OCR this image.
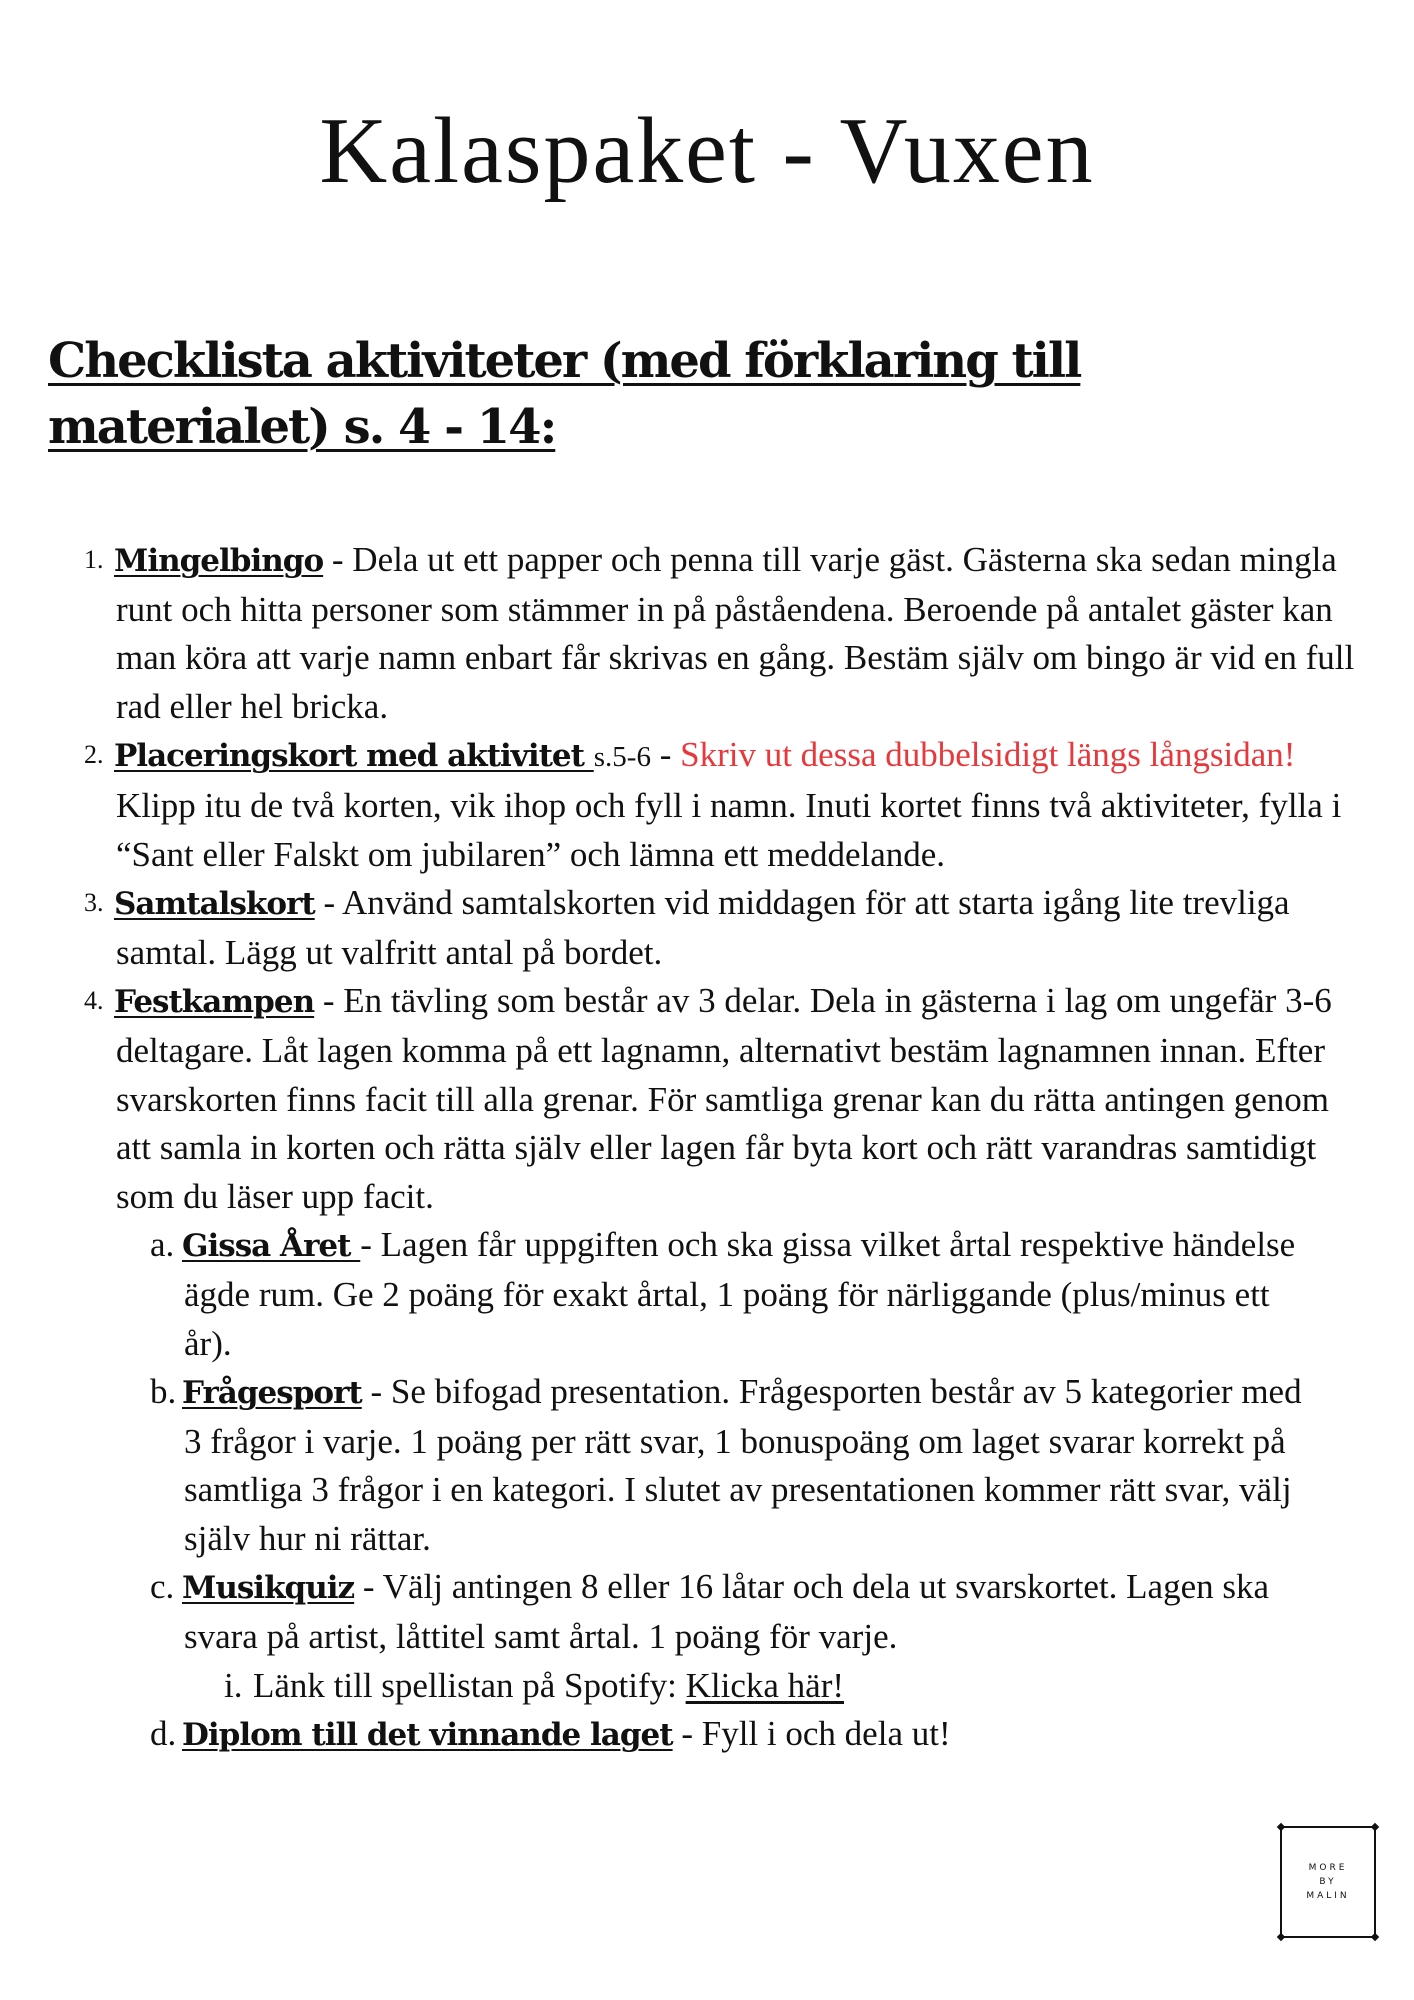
Kalaspaket - Vuxen
Checklista aktiviteter (med förklaring till materialet) s. 4 - 14:
1. Mingelbingo - Dela ut ett papper och penna till varje gäst. Gästerna ska sedan mingla runt och hitta personer som stämmer in på påståendena. Beroende på antalet gäster kan man köra att varje namn enbart får skrivas en gång. Bestäm själv om bingo är vid en full rad eller hel bricka.
2. Placeringskort med aktivitet s.5-6 - Skriv ut dessa dubbelsidigt längs långsidan! Klipp itu de två korten, vik ihop och fyll i namn. Inuti kortet finns två aktiviteter, fylla i “Sant eller Falskt om jubilaren” och lämna ett meddelande.
3. Samtalskort - Använd samtalskorten vid middagen för att starta igång lite trevliga samtal. Lägg ut valfritt antal på bordet.
4. Festkampen - En tävling som består av 3 delar. Dela in gästerna i lag om ungefär 3-6 deltagare. Låt lagen komma på ett lagnamn, alternativt bestäm lagnamnen innan. Efter svarskorten finns facit till alla grenar. För samtliga grenar kan du rätta antingen genom att samla in korten och rätta själv eller lagen får byta kort och rätt varandras samtidigt som du läser upp facit.
a. Gissa Året - Lagen får uppgiften och ska gissa vilket årtal respektive händelse ägde rum. Ge 2 poäng för exakt årtal, 1 poäng för närliggande (plus/minus ett år).
b. Frågesport - Se bifogad presentation. Frågesporten består av 5 kategorier med 3 frågor i varje. 1 poäng per rätt svar, 1 bonuspoäng om laget svarar korrekt på samtliga 3 frågor i en kategori. I slutet av presentationen kommer rätt svar, välj själv hur ni rättar.
c. Musikquiz - Välj antingen 8 eller 16 låtar och dela ut svarskortet. Lagen ska svara på artist, låttitel samt årtal. 1 poäng för varje.
i. Länk till spellistan på Spotify: Klicka här!
d. Diplom till det vinnande laget - Fyll i och dela ut!
MORE BY MALIN
